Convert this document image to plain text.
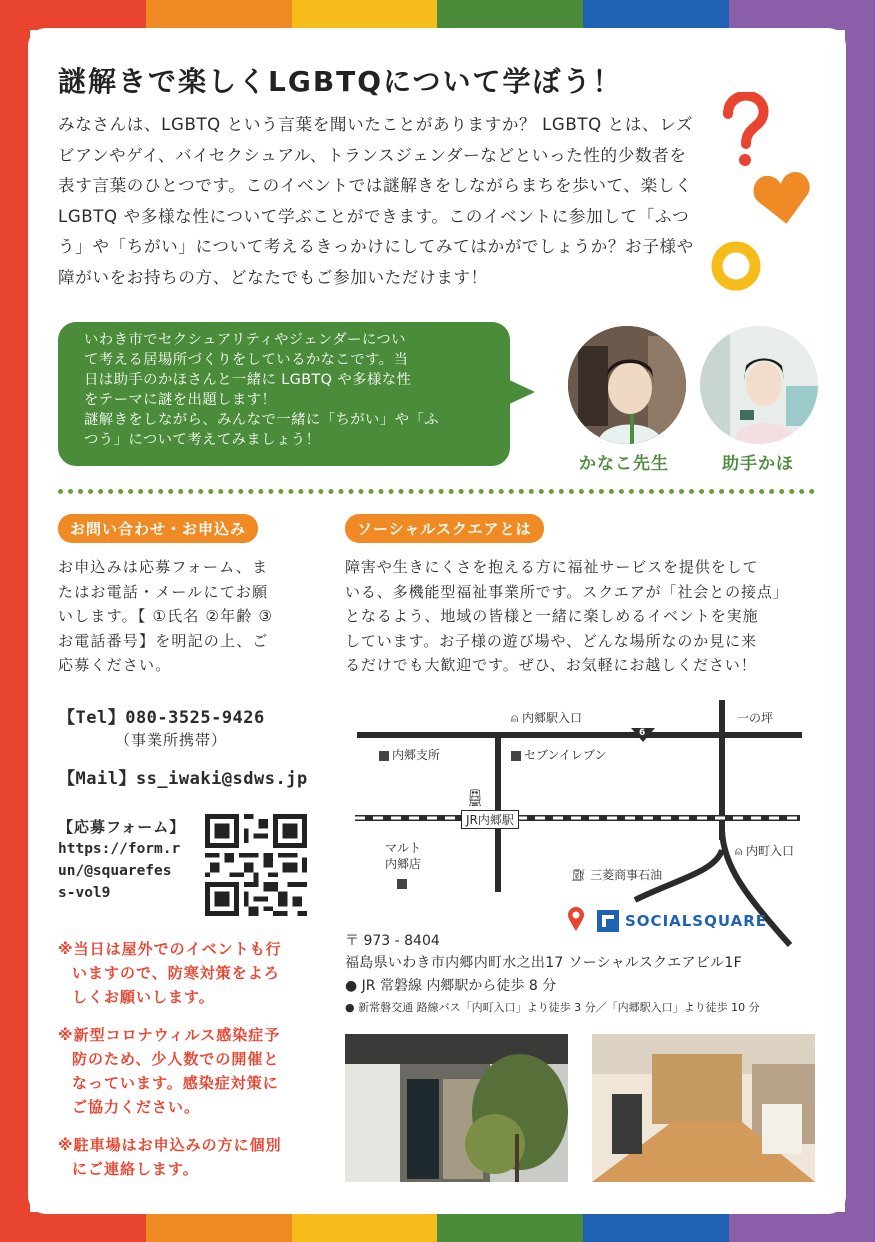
謎解きで楽しくLGBTQについて学ぼう！
みなさんは、LGBTQ という言葉を聞いたことがありますか？ LGBTQ とは、レズビアンやゲイ、バイセクシュアル、トランスジェンダーなどといった性的少数者を表す言葉のひとつです。このイベントでは謎解きをしながらまちを歩いて、楽しく LGBTQ や多様な性について学ぶことができます。このイベントに参加して「ふつう」や「ちがい」について考えるきっかけにしてみてはかがでしょうか？お子様や障がいをお持ちの方、どなたでもご参加いただけます！
いわき市でセクシュアリティやジェンダーについ
て考える居場所づくりをしているかなこです。当
日は助手のかほさんと一緒に LGBTQ や多様な性
をテーマに謎を出題します！
謎解きをしながら、みんなで一緒に「ちがい」や「ふ
つう」について考えてみましょう！
かなこ先生	助手かほ
お問い合わせ・お申込み
お申込みは応募フォーム、ま
たはお電話・メールにてお願
いします。【 ①氏名 ②年齢 ③
お電話番号】を明記の上、ご
応募ください。
【Tel】080-3525-9426
（事業所携帯）
【Mail】ss_iwaki@sdws.jp
【応募フォーム】
https://form.r
un/@squarefes
s-vol9
※当日は屋外でのイベントも行
いますので、防寒対策をよろ
しくお願いします。
※新型コロナウィルス感染症予
防のため、少人数での開催と
なっています。感染症対策に
ご協力ください。
※駐車場はお申込みの方に個別
にご連絡します。
ソーシャルスクエアとは
障害や生きにくさを抱える方に福祉サービスを提供をして
いる、多機能型福祉事業所です。スクエアが「社会との接点」
となるよう、地域の皆様と一緒に楽しめるイベントを実施
しています。お子様の遊び場や、どんな場所なのか見に来
るだけでも大歓迎です。ぜひ、お気軽にお越しください！
6
⍝ 内郷駅入口	一の坪
内郷支所	セブンイレブン
🚆︎
JR内郷駅
マルト
内郷店
⍝ 内町入口
⛽︎ 三菱商事石油
SOCIALSQUARE
〒 973 - 8404
福島県いわき市内郷内町水之出17 ソーシャルスクエアビル1F
● JR 常磐線 内郷駅から徒歩 8 分
● 新常磐交通 路線バス「内町入口」より徒歩 3 分／「内郷駅入口」より徒歩 10 分
